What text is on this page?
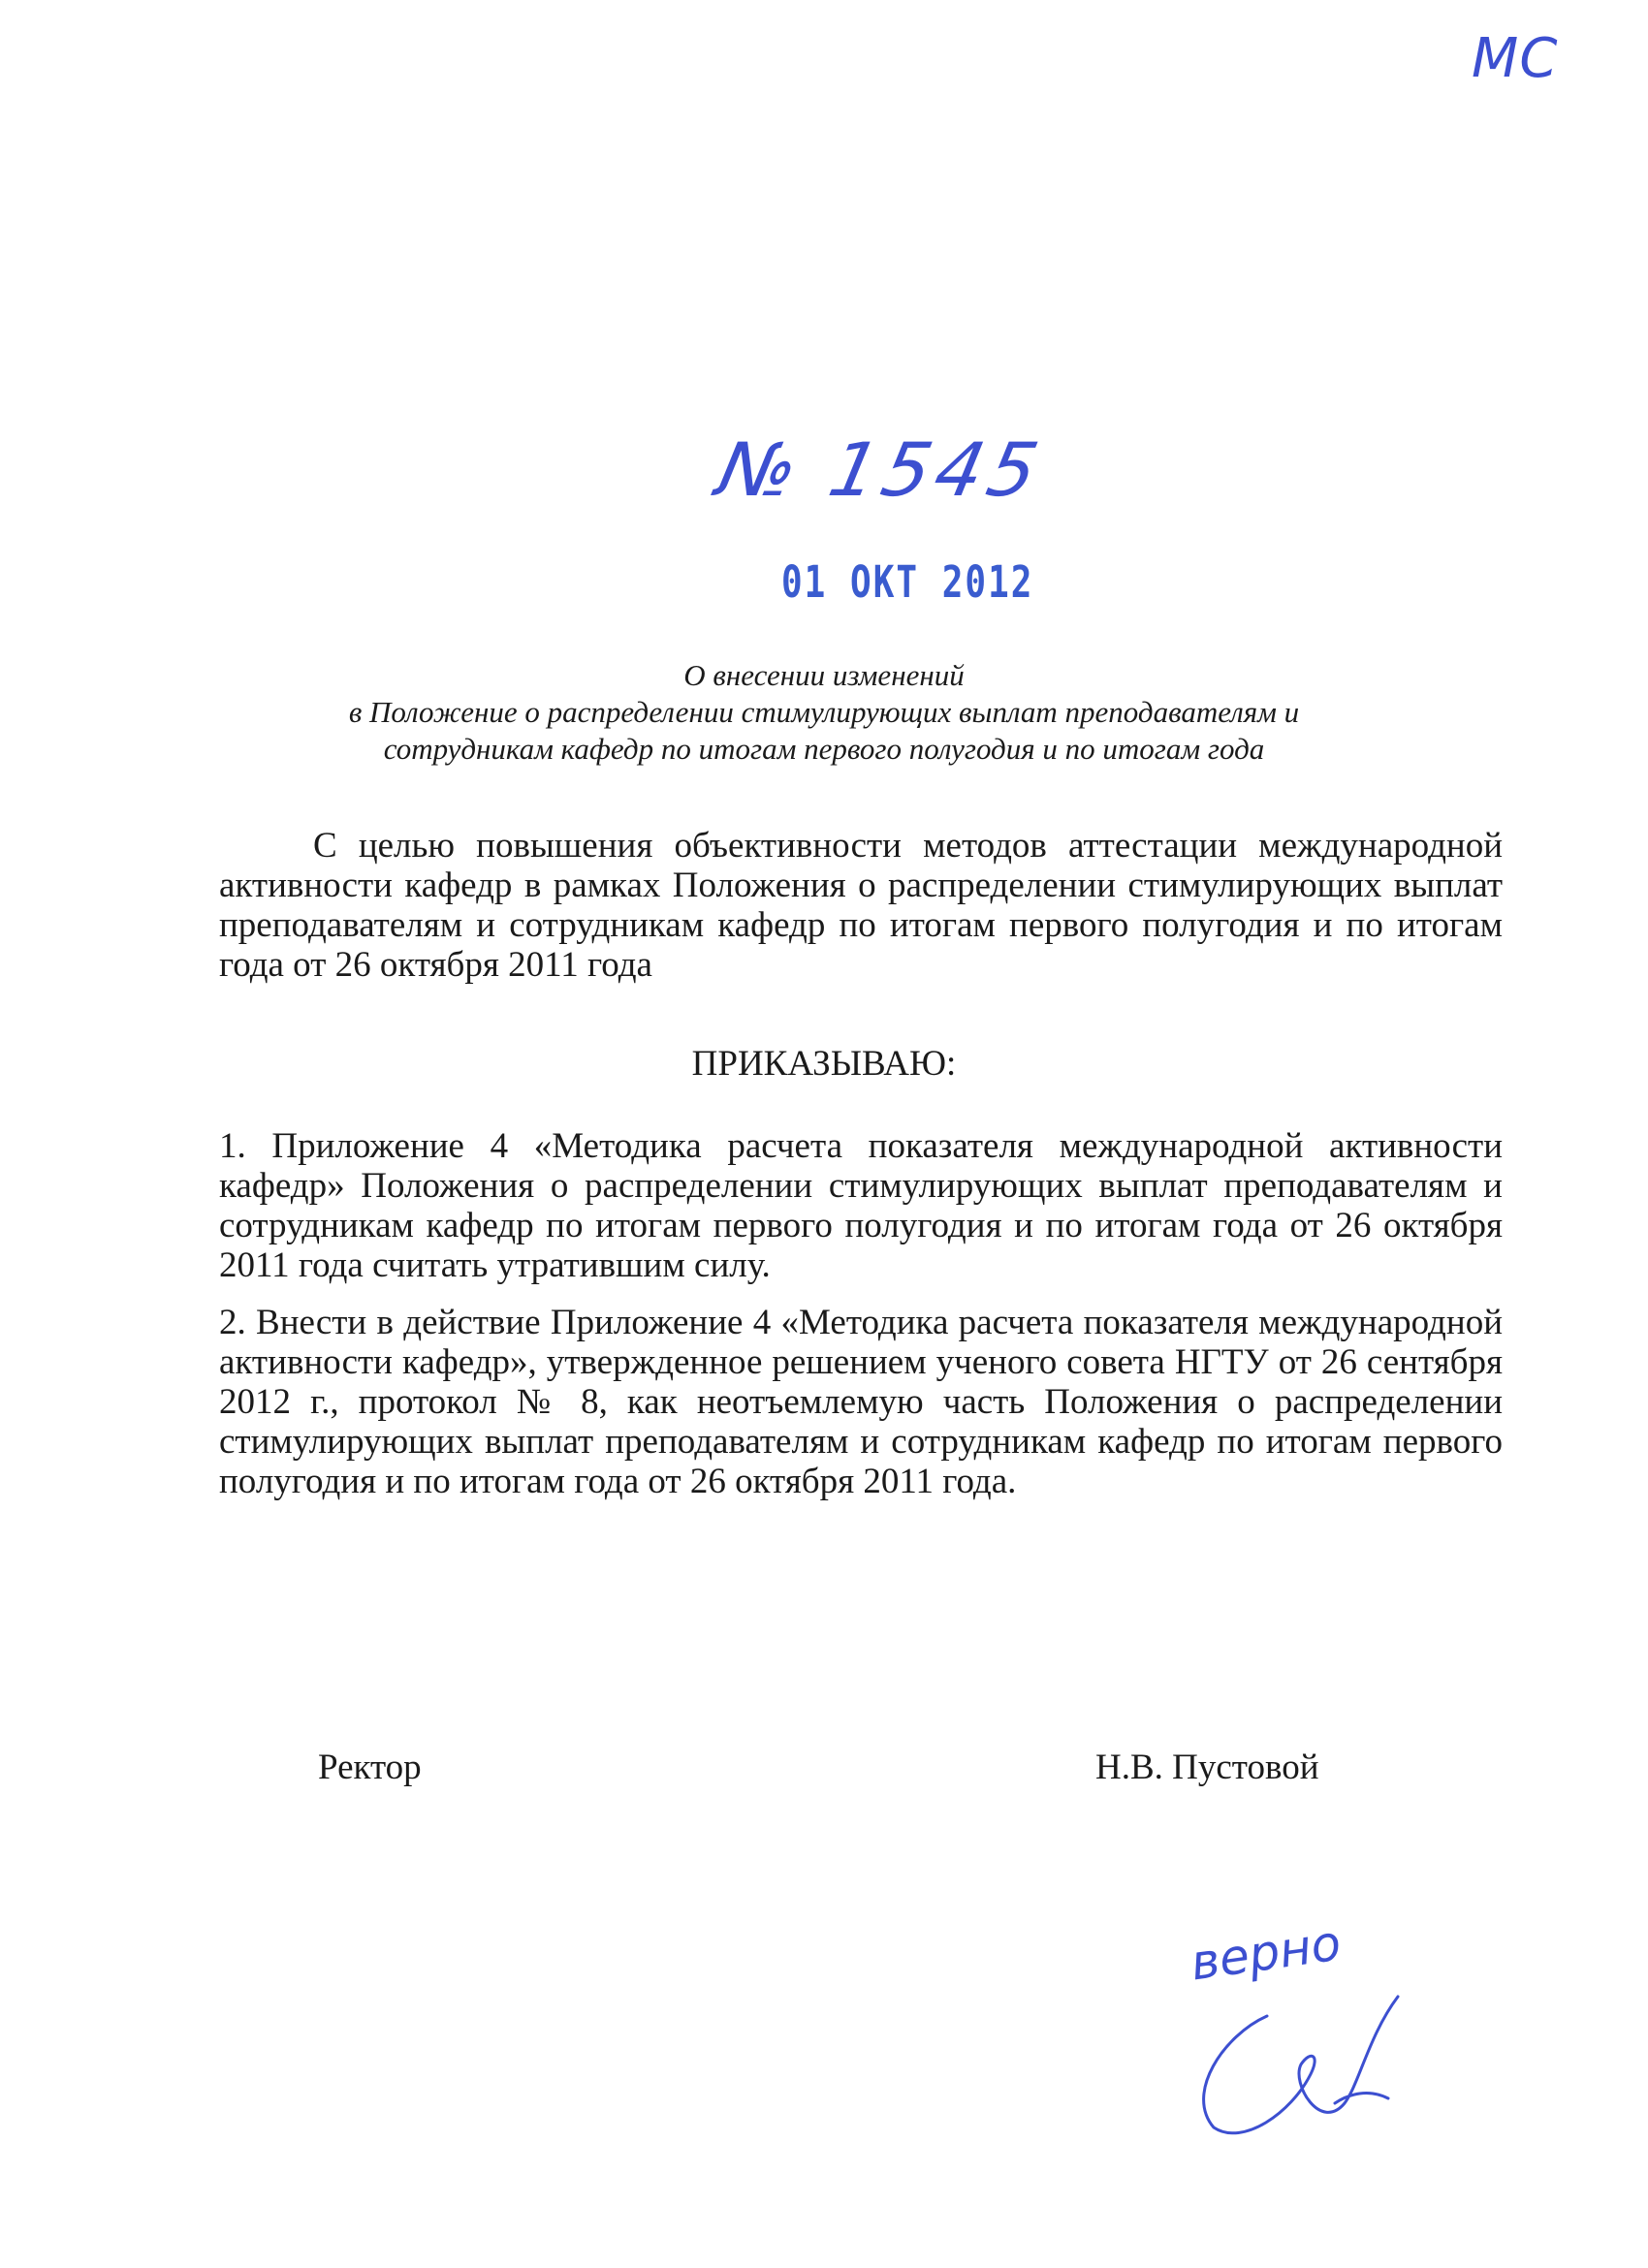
МС
№ 1545
01 ОКТ 2012
О внесении изменений
в Положение о распределении стимулирующих выплат преподавателям и
сотрудникам кафедр по итогам первого полугодия и по итогам года

С целью повышения объективности методов аттестации международной активности кафедр в рамках Положения о распределении стимулирующих выплат преподавателям и сотрудникам кафедр по итогам первого полугодия и по итогам года от 26 октября 2011 года

ПРИКАЗЫВАЮ:

1. Приложение 4 «Методика расчета показателя международной активности кафедр» Положения о распределении стимулирующих выплат преподавателям и сотрудникам кафедр по итогам первого полугодия и по итогам года от 26 октября 2011 года считать утратившим силу.

2. Внести в действие Приложение 4 «Методика расчета показателя международной активности кафедр», утвержденное решением ученого совета НГТУ от 26 сентября 2012 г., протокол № 8, как неотъемлемую часть Положения о распределении стимулирующих выплат преподавателям и сотрудникам кафедр по итогам первого полугодия и по итогам года от 26 октября 2011 года.

Ректор	Н.В. Пустовой
верно
